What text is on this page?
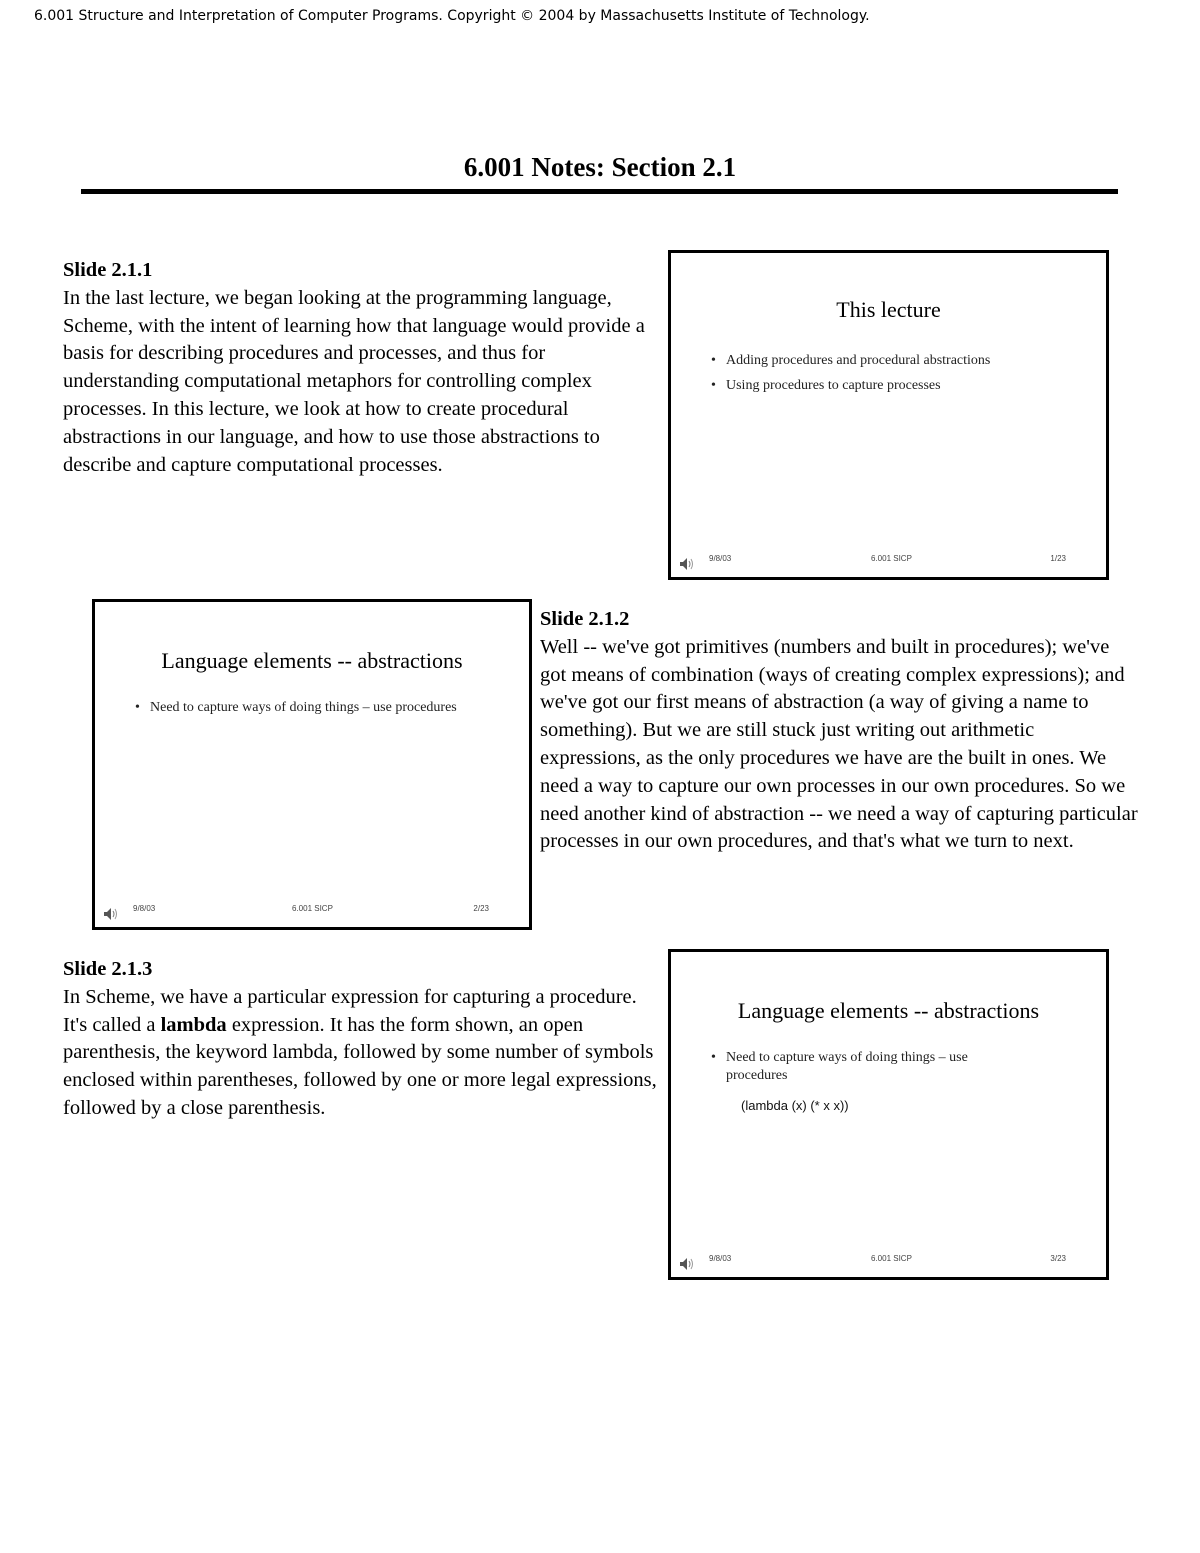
6.001 Structure and Interpretation of Computer Programs. Copyright © 2004 by Massachusetts Institute of Technology.
6.001 Notes: Section 2.1
Slide 2.1.1

In the last lecture, we began looking at the programming language, Scheme, with the intent of learning how that language would provide a basis for describing procedures and processes, and thus for understanding computational metaphors for controlling complex processes. In this lecture, we look at how to create procedural abstractions in our language, and how to use those abstractions to describe and capture computational processes.

This lecture
• Adding procedures and procedural abstractions
• Using procedures to capture processes
9/8/03	6.001 SICP	1/23
Language elements -- abstractions
• Need to capture ways of doing things – use procedures
9/8/03	6.001 SICP	2/23
Slide 2.1.2

Well -- we've got primitives (numbers and built in procedures); we've got means of combination (ways of creating complex expressions); and we've got our first means of abstraction (a way of giving a name to something). But we are still stuck just writing out arithmetic expressions, as the only procedures we have are the built in ones. We need a way to capture our own processes in our own procedures. So we need another kind of abstraction -- we need a way of capturing particular processes in our own procedures, and that's what we turn to next.

Slide 2.1.3

In Scheme, we have a particular expression for capturing a procedure. It's called a lambda expression. It has the form shown, an open parenthesis, the keyword lambda, followed by some number of symbols enclosed within parentheses, followed by one or more legal expressions, followed by a close parenthesis.

Language elements -- abstractions
• Need to capture ways of doing things – use procedures
(lambda (x) (* x x))
9/8/03	6.001 SICP	3/23
